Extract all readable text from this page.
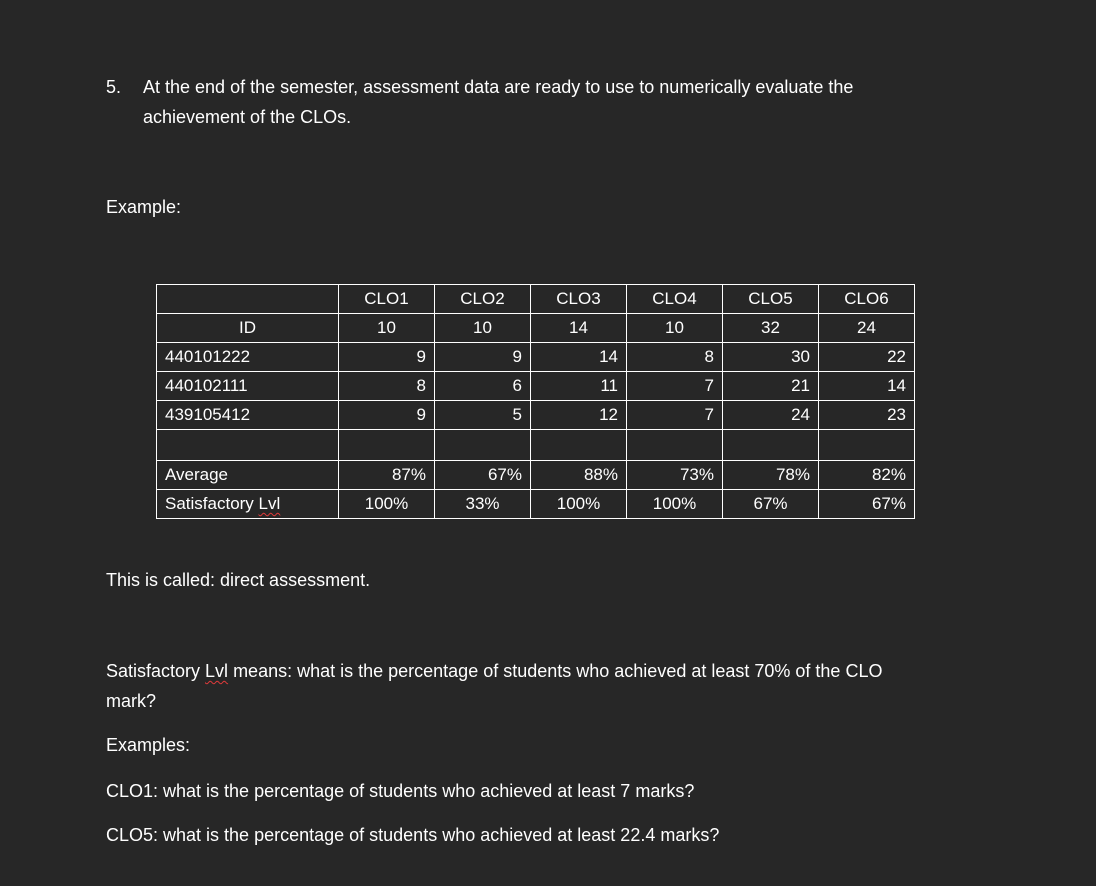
5. At the end of the semester, assessment data are ready to use to numerically evaluate the
achievement of the CLOs.
Example:
	CLO1	CLO2	CLO3	CLO4	CLO5	CLO6
ID	10	10	14	10	32	24
440101222	9	9	14	8	30	22
440102111	8	6	11	7	21	14
439105412	9	5	12	7	24	23

Average	87%	67%	88%	73%	78%	82%
Satisfactory Lvl	100%	33%	100%	100%	67%	67%
This is called: direct assessment.
Satisfactory Lvl means: what is the percentage of students who achieved at least 70% of the CLO
mark?
Examples:
CLO1: what is the percentage of students who achieved at least 7 marks?
CLO5: what is the percentage of students who achieved at least 22.4 marks?
